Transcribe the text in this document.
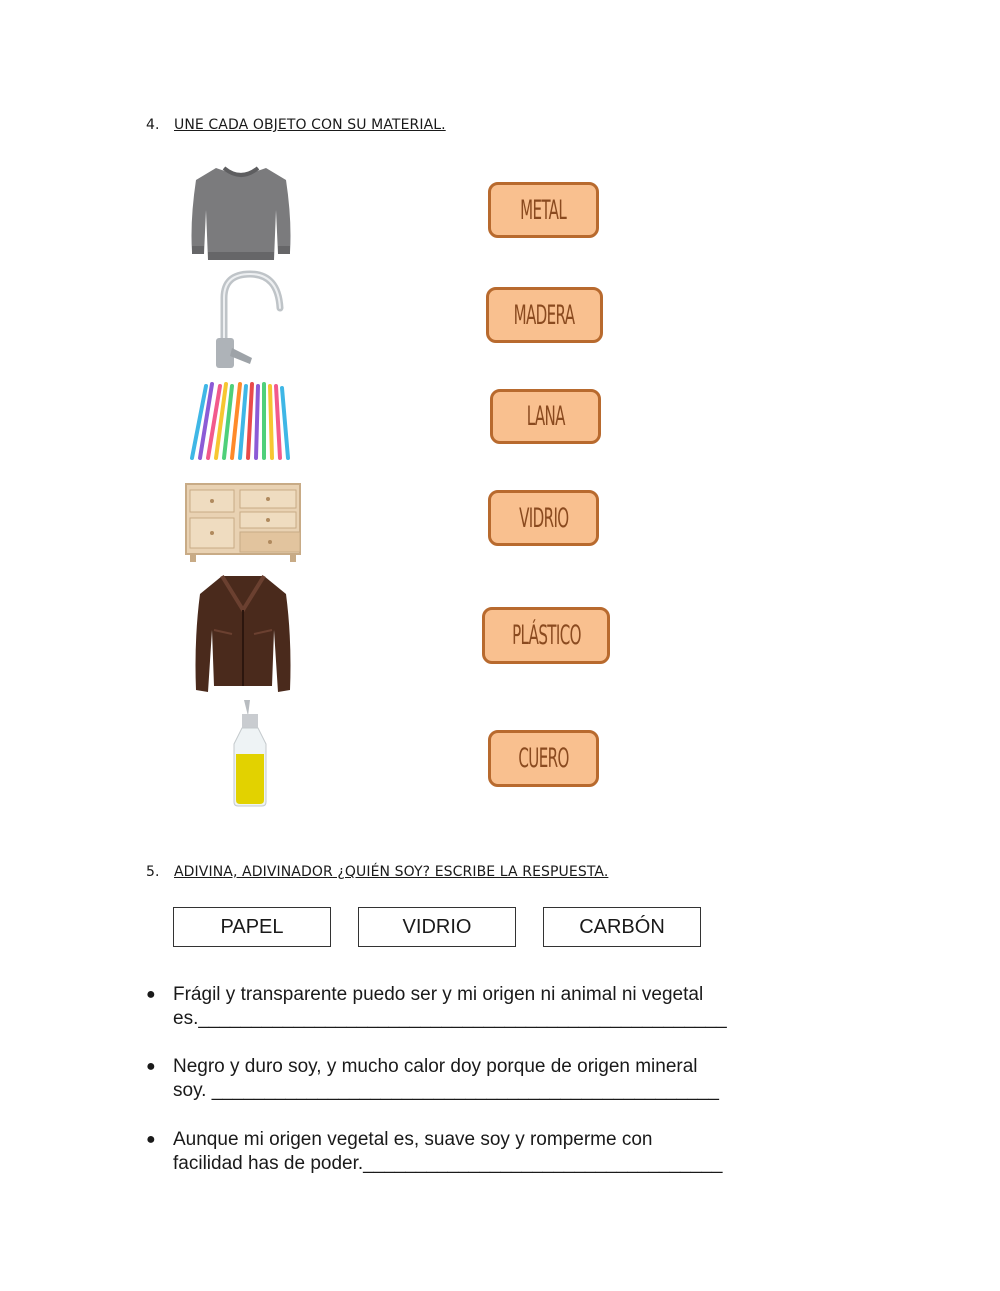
4. UNE CADA OBJETO CON SU MATERIAL.
METAL
MADERA
LANA
VIDRIO
PLÁSTICO
CUERO
5. ADIVINA, ADIVINADOR ¿QUIÉN SOY? ESCRIBE LA RESPUESTA.
PAPEL	VIDRIO	CARBÓN
● Frágil y transparente puedo ser y mi origen ni animal ni vegetal
es.__________________________________________________
● Negro y duro soy, y mucho calor doy porque de origen mineral
soy. ________________________________________________
● Aunque mi origen vegetal es, suave soy y romperme con
facilidad has de poder.__________________________________
